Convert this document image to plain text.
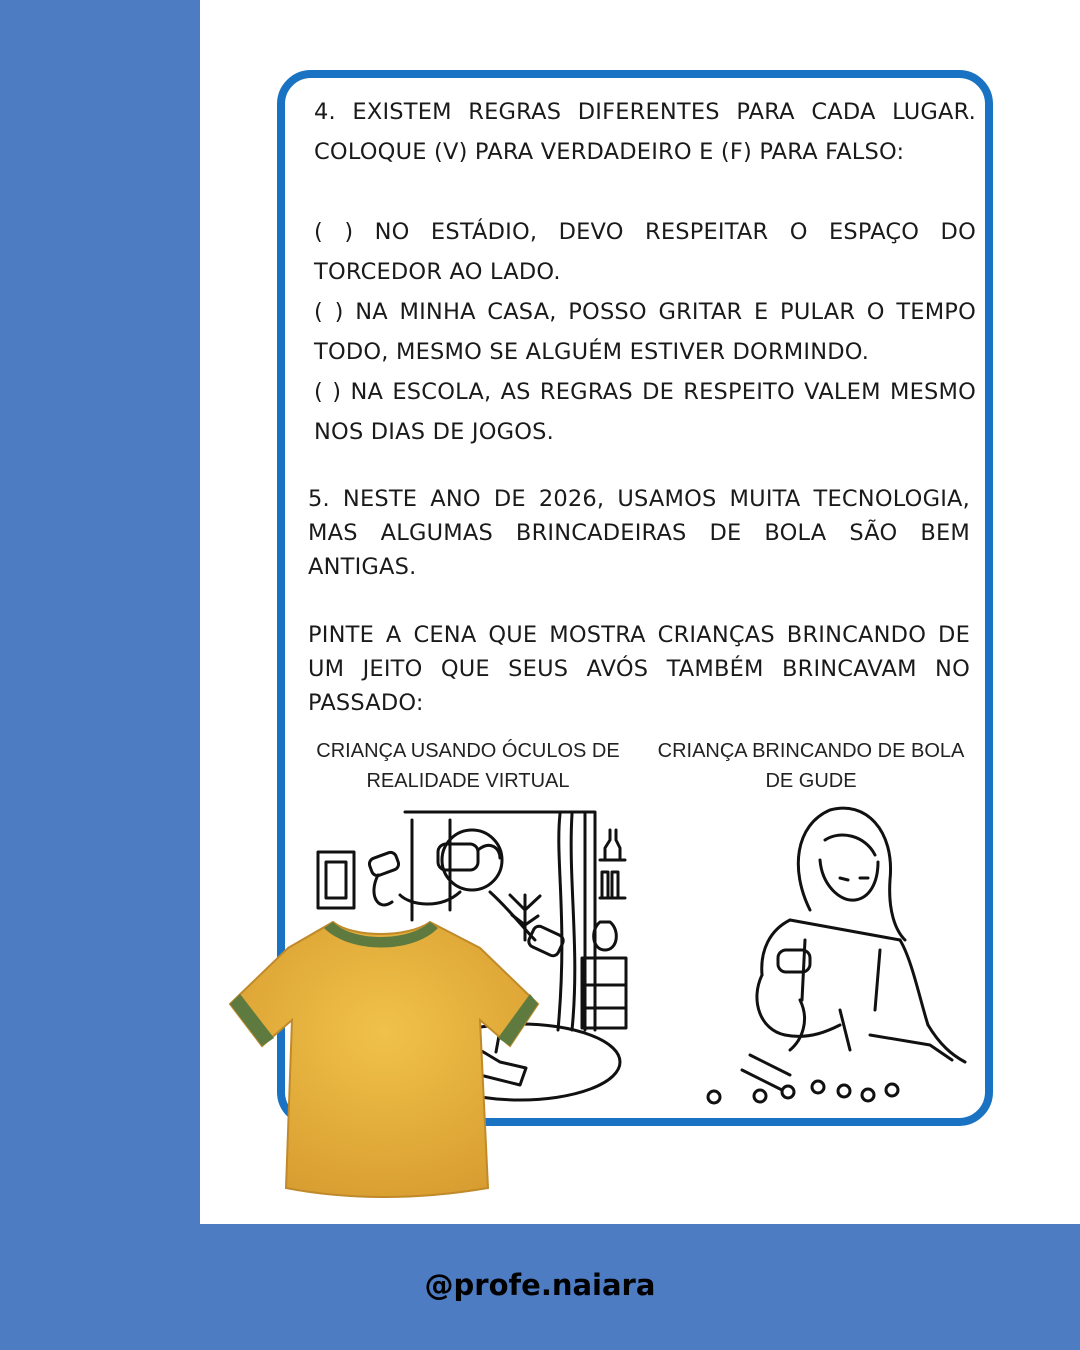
4. EXISTEM REGRAS DIFERENTES PARA CADA LUGAR. COLOQUE (V) PARA VERDADEIRO E (F) PARA FALSO:

( ) NO ESTÁDIO, DEVO RESPEITAR O ESPAÇO DO TORCEDOR AO LADO.

( ) NA MINHA CASA, POSSO GRITAR E PULAR O TEMPO TODO, MESMO SE ALGUÉM ESTIVER DORMINDO.

( ) NA ESCOLA, AS REGRAS DE RESPEITO VALEM MESMO NOS DIAS DE JOGOS.

5. NESTE ANO DE 2026, USAMOS MUITA TECNOLOGIA, MAS ALGUMAS BRINCADEIRAS DE BOLA SÃO BEM ANTIGAS.

PINTE A CENA QUE MOSTRA CRIANÇAS BRINCANDO DE UM JEITO QUE SEUS AVÓS TAMBÉM BRINCAVAM NO PASSADO:

CRIANÇA USANDO ÓCULOS DE REALIDADE VIRTUAL
CRIANÇA BRINCANDO DE BOLA DE GUDE
@profe.naiara
